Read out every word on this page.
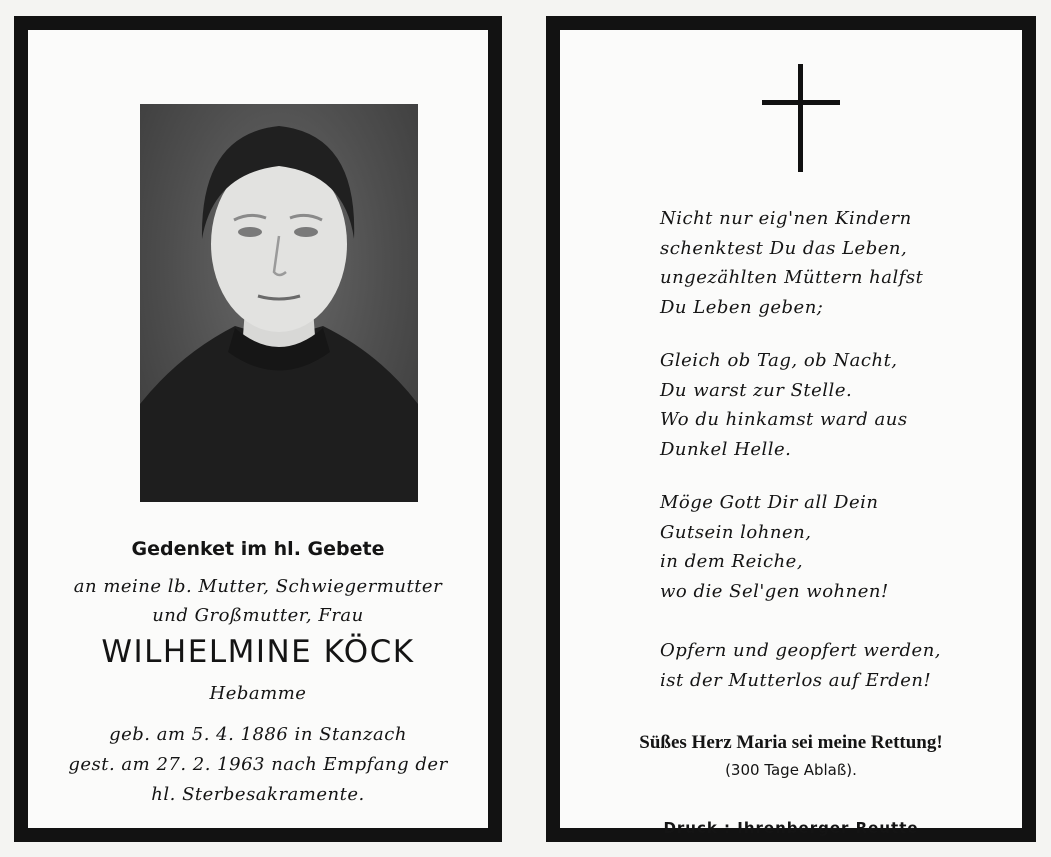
Gedenket im hl. Gebete
an meine lb. Mutter, Schwiegermutter
und Großmutter, Frau
WILHELMINE KÖCK
Hebamme
geb. am 5. 4. 1886 in Stanzach
gest. am 27. 2. 1963 nach Empfang der
hl. Sterbesakramente.
Nicht nur eig'nen Kindern
schenktest Du das Leben,
ungezählten Müttern halfst
Du Leben geben;
Gleich ob Tag, ob Nacht,
Du warst zur Stelle.
Wo du hinkamst ward aus
Dunkel Helle.
Möge Gott Dir all Dein
Gutsein lohnen,
in dem Reiche,
wo die Sel'gen wohnen!
Opfern und geopfert werden,
ist der Mutterlos auf Erden!
Süßes Herz Maria sei meine Rettung!
(300 Tage Ablaß).
Druck : Ihrenberger Reutte
